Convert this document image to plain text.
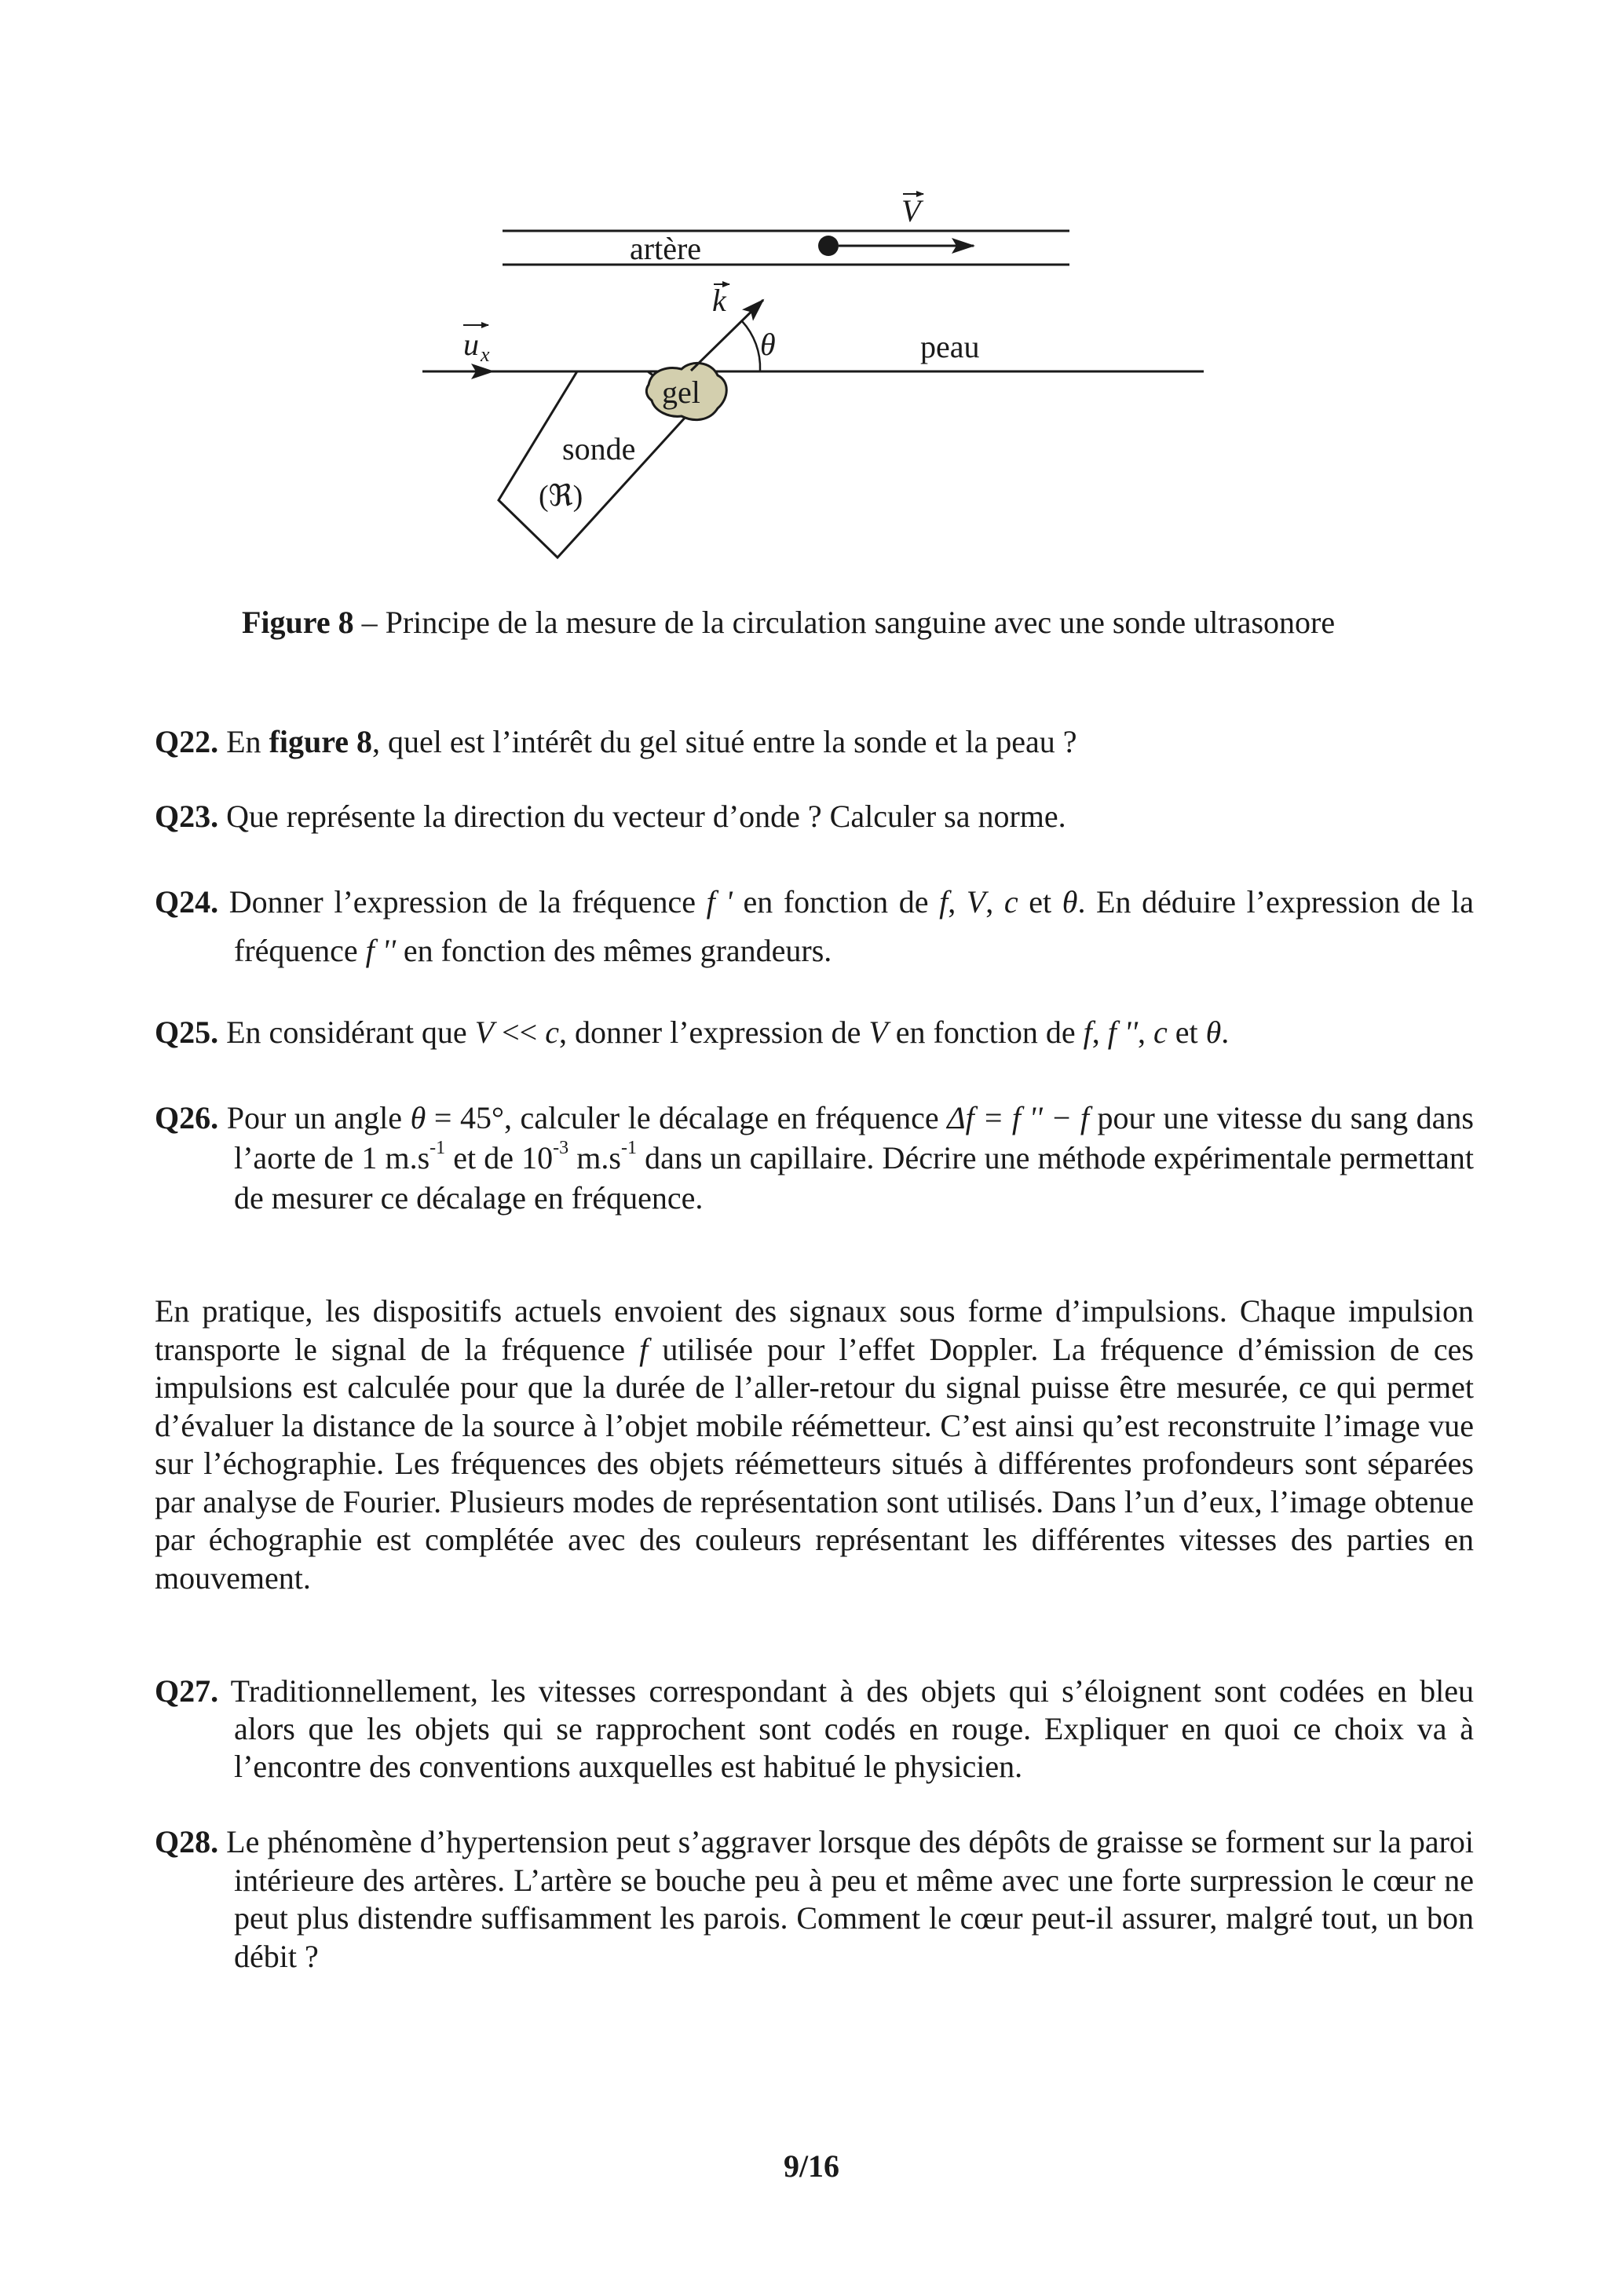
artère
V
peau
u x
sonde
(ℜ)
gel
k
θ
Figure 8 – Principe de la mesure de la circulation sanguine avec une sonde ultrasonore
Q22. En figure 8, quel est l’intérêt du gel situé entre la sonde et la peau ?
Q23. Que représente la direction du vecteur d’onde ? Calculer sa norme.
Q24. Donner l’expression de la fréquence f ' en fonction de f, V, c et θ. En déduire l’expression de la fréquence f '' en fonction des mêmes grandeurs.
Q25. En considérant que V << c, donner l’expression de V en fonction de f, f '', c et θ.
Q26. Pour un angle θ = 45°, calculer le décalage en fréquence Δf = f '' − f pour une vitesse du sang dans l’aorte de 1 $m.s^{-1}$ et de $10^{-3}$ $m.s^{-1}$ dans un capillaire. Décrire une méthode expérimentale permettant de mesurer ce décalage en fréquence.
En pratique, les dispositifs actuels envoient des signaux sous forme d’impulsions. Chaque impulsion transporte le signal de la fréquence f utilisée pour l’effet Doppler. La fréquence d’émission de ces impulsions est calculée pour que la durée de l’aller-retour du signal puisse être mesurée, ce qui permet d’évaluer la distance de la source à l’objet mobile réémetteur. C’est ainsi qu’est reconstruite l’image vue sur l’échographie. Les fréquences des objets réémetteurs situés à différentes profondeurs sont séparées par analyse de Fourier. Plusieurs modes de représentation sont utilisés. Dans l’un d’eux, l’image obtenue par échographie est complétée avec des couleurs représentant les différentes vitesses des parties en mouvement.
Q27. Traditionnellement, les vitesses correspondant à des objets qui s’éloignent sont codées en bleu alors que les objets qui se rapprochent sont codés en rouge. Expliquer en quoi ce choix va à l’encontre des conventions auxquelles est habitué le physicien.
Q28. Le phénomène d’hypertension peut s’aggraver lorsque des dépôts de graisse se forment sur la paroi intérieure des artères. L’artère se bouche peu à peu et même avec une forte surpression le cœur ne peut plus distendre suffisamment les parois. Comment le cœur peut-il assurer, malgré tout, un bon débit ?
9/16
